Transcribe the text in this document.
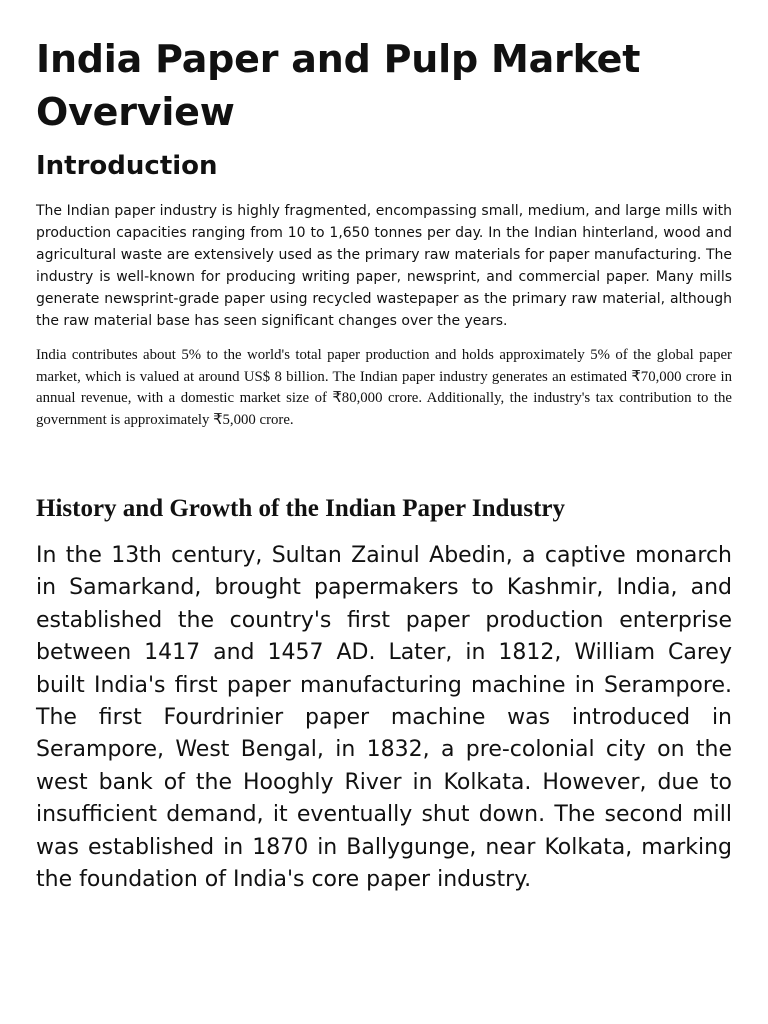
India Paper and Pulp Market Overview
Introduction

The Indian paper industry is highly fragmented, encompassing small, medium, and large mills with production capacities ranging from 10 to 1,650 tonnes per day. In the Indian hinterland, wood and agricultural waste are extensively used as the primary raw materials for paper manufacturing. The industry is well-known for producing writing paper, newsprint, and commercial paper. Many mills generate newsprint-grade paper using recycled wastepaper as the primary raw material, although the raw material base has seen significant changes over the years.

India contributes about 5% to the world's total paper production and holds approximately 5% of the global paper market, which is valued at around US$ 8 billion. The Indian paper industry generates an estimated ₹70,000 crore in annual revenue, with a domestic market size of ₹80,000 crore. Additionally, the industry's tax contribution to the government is approximately ₹5,000 crore.

History and Growth of the Indian Paper Industry

In the 13th century, Sultan Zainul Abedin, a captive monarch in Samarkand, brought papermakers to Kashmir, India, and established the country's first paper production enterprise between 1417 and 1457 AD. Later, in 1812, William Carey built India's first paper manufacturing machine in Serampore. The first Fourdrinier paper machine was introduced in Serampore, West Bengal, in 1832, a pre-colonial city on the west bank of the Hooghly River in Kolkata. However, due to insufficient demand, it eventually shut down. The second mill was established in 1870 in Ballygunge, near Kolkata, marking the foundation of India's core paper industry.
